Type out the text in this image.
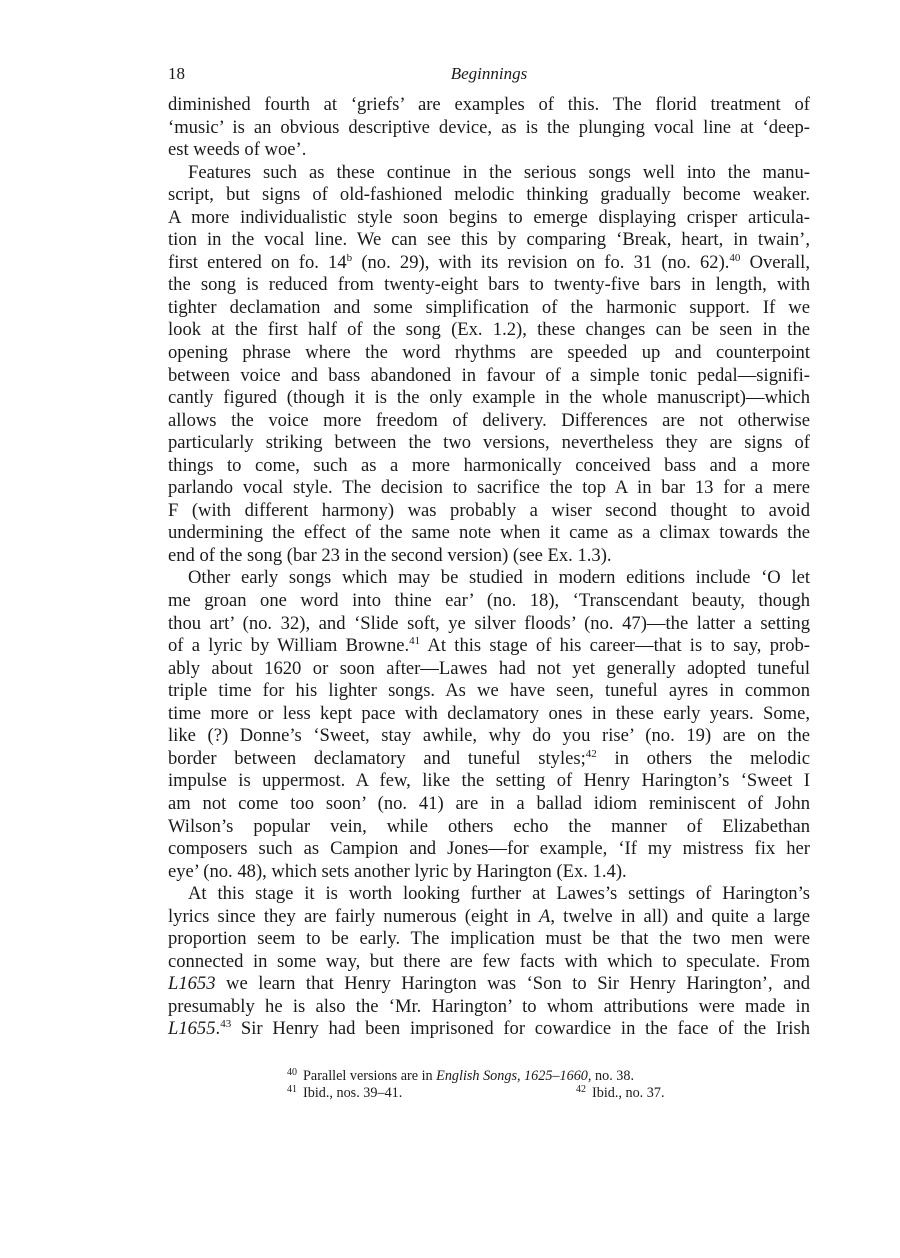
18	Beginnings

diminished fourth at ‘griefs’ are examples of this. The florid treatment of
‘music’ is an obvious descriptive device, as is the plunging vocal line at ‘deep-
est weeds of woe’.

Features such as these continue in the serious songs well into the manu-
script, but signs of old-fashioned melodic thinking gradually become weaker.
A more individualistic style soon begins to emerge displaying crisper articula-
tion in the vocal line. We can see this by comparing ‘Break, heart, in twain’,
first entered on fo. 14$^b$ (no. 29), with its revision on fo. 31 (no. 62).$^{40}$ Overall,
the song is reduced from twenty-eight bars to twenty-five bars in length, with
tighter declamation and some simplification of the harmonic support. If we
look at the first half of the song (Ex. 1.2), these changes can be seen in the
opening phrase where the word rhythms are speeded up and counterpoint
between voice and bass abandoned in favour of a simple tonic pedal—signifi-
cantly figured (though it is the only example in the whole manuscript)—which
allows the voice more freedom of delivery. Differences are not otherwise
particularly striking between the two versions, nevertheless they are signs of
things to come, such as a more harmonically conceived bass and a more
parlando vocal style. The decision to sacrifice the top A in bar 13 for a mere
F (with different harmony) was probably a wiser second thought to avoid
undermining the effect of the same note when it came as a climax towards the
end of the song (bar 23 in the second version) (see Ex. 1.3).

Other early songs which may be studied in modern editions include ‘O let
me groan one word into thine ear’ (no. 18), ‘Transcendant beauty, though
thou art’ (no. 32), and ‘Slide soft, ye silver floods’ (no. 47)—the latter a setting
of a lyric by William Browne.$^{41}$ At this stage of his career—that is to say, prob-
ably about 1620 or soon after—Lawes had not yet generally adopted tuneful
triple time for his lighter songs. As we have seen, tuneful ayres in common
time more or less kept pace with declamatory ones in these early years. Some,
like (?) Donne’s ‘Sweet, stay awhile, why do you rise’ (no. 19) are on the
border between declamatory and tuneful styles;$^{42}$ in others the melodic
impulse is uppermost. A few, like the setting of Henry Harington’s ‘Sweet I
am not come too soon’ (no. 41) are in a ballad idiom reminiscent of John
Wilson’s popular vein, while others echo the manner of Elizabethan
composers such as Campion and Jones—for example, ‘If my mistress fix her
eye’ (no. 48), which sets another lyric by Harington (Ex. 1.4).

At this stage it is worth looking further at Lawes’s settings of Harington’s
lyrics since they are fairly numerous (eight in A, twelve in all) and quite a large
proportion seem to be early. The implication must be that the two men were
connected in some way, but there are few facts with which to speculate. From
L1653 we learn that Henry Harington was ‘Son to Sir Henry Harington’, and
presumably he is also the ‘Mr. Harington’ to whom attributions were made in
L1655.43 Sir Henry had been imprisoned for cowardice in the face of the Irish

40 Parallel versions are in English Songs, 1625–1660, no. 38.
41 Ibid., nos. 39–41.	42 Ibid., no. 37.
